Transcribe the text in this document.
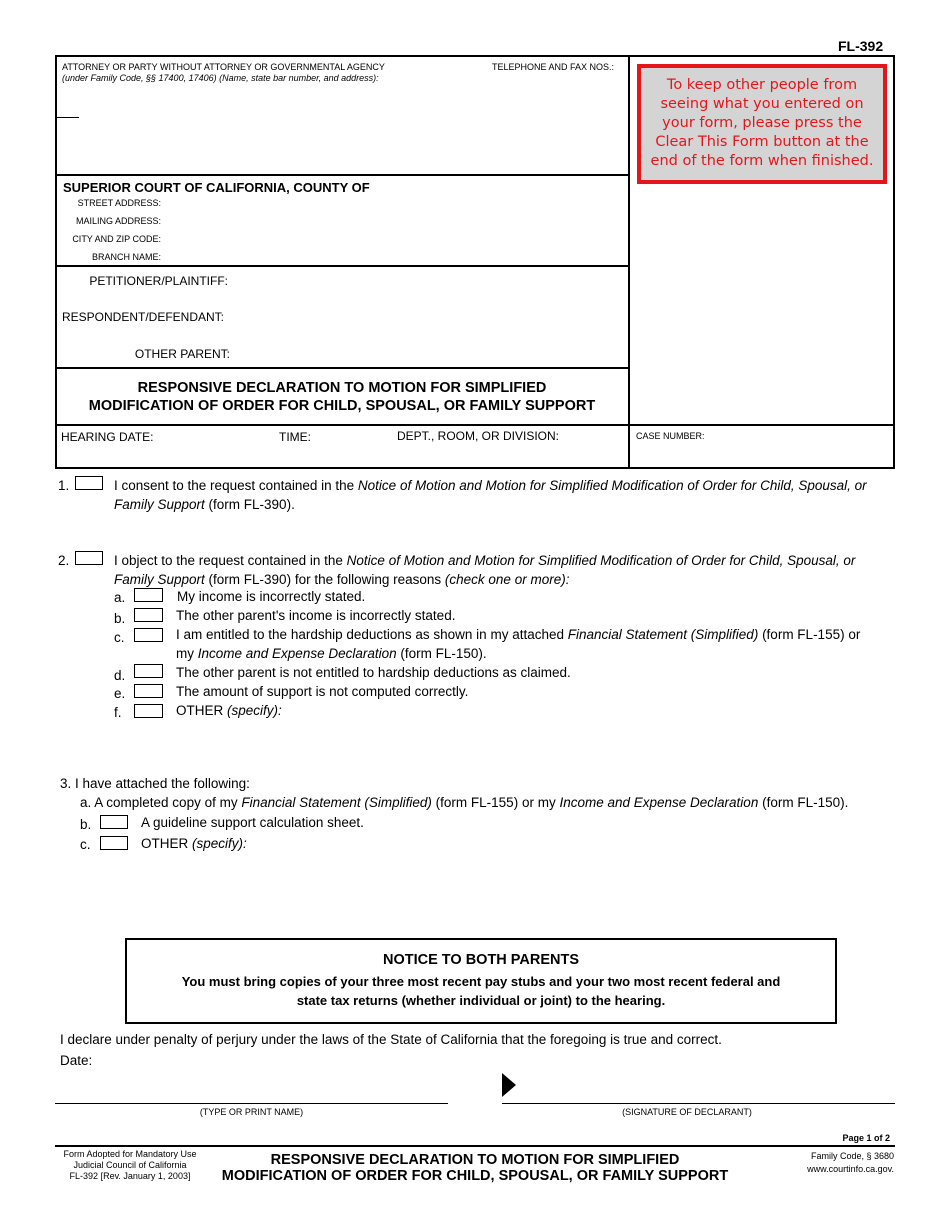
FL-392
ATTORNEY OR PARTY WITHOUT ATTORNEY OR GOVERNMENTAL AGENCY
(under Family Code, §§ 17400, 17406) (Name, state bar number, and address):
TELEPHONE AND FAX NOS.:
To keep other people from
seeing what you entered on
your form, please press the
Clear This Form button at the
end of the form when finished.
SUPERIOR COURT OF CALIFORNIA, COUNTY OF
STREET ADDRESS:
MAILING ADDRESS:
CITY AND ZIP CODE:
BRANCH NAME:
PETITIONER/PLAINTIFF:
RESPONDENT/DEFENDANT:
OTHER PARENT:
RESPONSIVE DECLARATION TO MOTION FOR SIMPLIFIED
MODIFICATION OF ORDER FOR CHILD, SPOUSAL, OR FAMILY SUPPORT
HEARING DATE:	TIME:	DEPT., ROOM, OR DIVISION:	CASE NUMBER:
1.	I consent to the request contained in the Notice of Motion and Motion for Simplified Modification of Order for Child, Spousal, or
Family Support (form FL-390).
2.	I object to the request contained in the Notice of Motion and Motion for Simplified Modification of Order for Child, Spousal, or
Family Support (form FL-390) for the following reasons (check one or more):
a.	My income is incorrectly stated.
b.	The other parent's income is incorrectly stated.
c.	I am entitled to the hardship deductions as shown in my attached Financial Statement (Simplified) (form FL-155) or
my Income and Expense Declaration (form FL-150).
d.	The other parent is not entitled to hardship deductions as claimed.
e.	The amount of support is not computed correctly.
f.	OTHER (specify):
3. I have attached the following:
a. A completed copy of my Financial Statement (Simplified) (form FL-155) or my Income and Expense Declaration (form FL-150).
b.	A guideline support calculation sheet.
c.	OTHER (specify):
NOTICE TO BOTH PARENTS
You must bring copies of your three most recent pay stubs and your two most recent federal and
state tax returns (whether individual or joint) to the hearing.
I declare under penalty of perjury under the laws of the State of California that the foregoing is true and correct.
Date:
(TYPE OR PRINT NAME)	(SIGNATURE OF DECLARANT)
Page 1 of 2
Form Adopted for Mandatory Use
Judicial Council of California
FL-392 [Rev. January 1, 2003]
RESPONSIVE DECLARATION TO MOTION FOR SIMPLIFIED
MODIFICATION OF ORDER FOR CHILD, SPOUSAL, OR FAMILY SUPPORT
Family Code, § 3680
www.courtinfo.ca.gov.
